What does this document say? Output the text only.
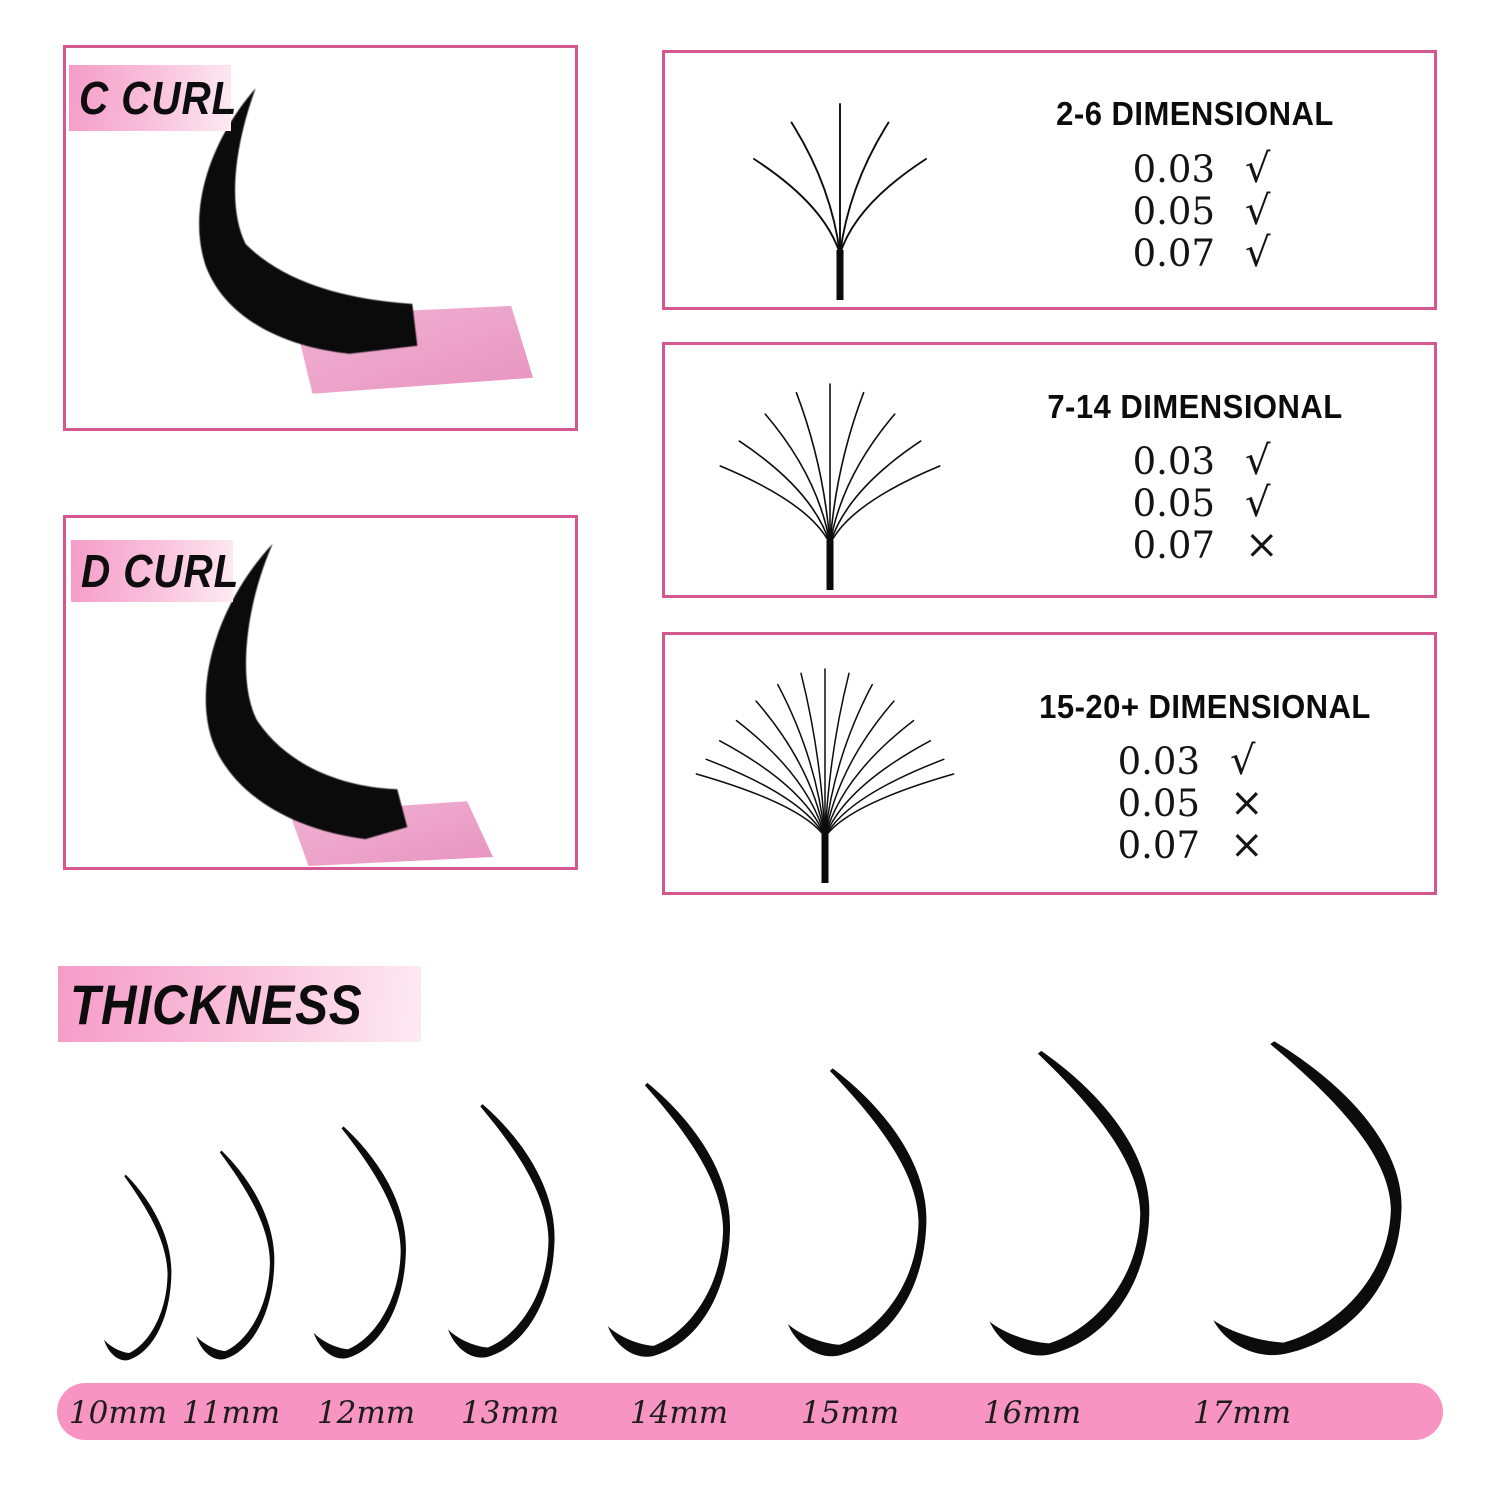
C CURL
D CURL
2-6 DIMENSIONAL
0.03 √
0.05 √
0.07 √
7-14 DIMENSIONAL
0.03 √
0.05 √
0.07 ×
15-20+ DIMENSIONAL
0.03 √
0.05 ×
0.07 ×
THICKNESS
10mm 11mm 12mm 13mm 14mm 15mm	16mm	17mm
